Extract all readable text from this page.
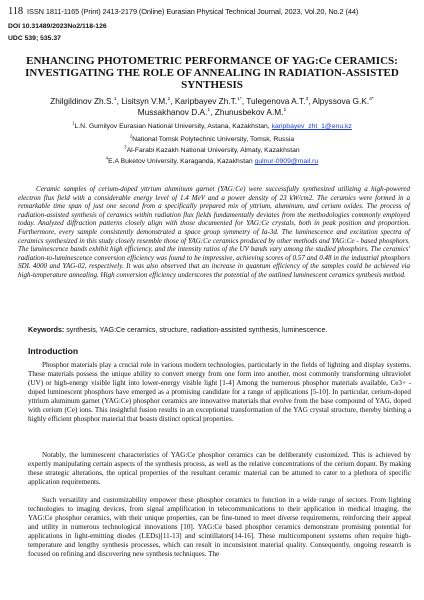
118 ISSN 1811-1165 (Print) 2413-2179 (Online) Eurasian Physical Technical Journal, 2023, Vol.20, No.2 (44)
DOI 10.31489/2023No2/118-126
UDC 539; 535.37
ENHANCING PHOTOMETRIC PERFORMANCE OF YAG:Ce CERAMICS:
INVESTIGATING THE ROLE OF ANNEALING IN RADIATION-ASSISTED
SYNTHESIS
Zhilgildinov Zh.S.$^1$, Lisitsyn V.M.$^2$, Karipbayev Zh.T.$^{1*}$, Tulegenova A.T.$^3$, Alpyssova G.K.$^{4*}$
Mussakhanov D.A.$^1$, Zhunusbekov A.M.$^1$
$^1$L.N. Gumilyov Eurasian National University, Astana, Kazakhstan, karipbayev_zht_1@enu.kz
$^2$National Tomsk Polytechnic University, Tomsk, Russia
$^3$Al-Farabi Kazakh National University, Almaty, Kazakhstan
$^4$E.A Buketov University, Karaganda, Kazakhstan gulnur-0909@mail.ru
Ceramic samples of cerium-doped yttrium aluminum garnet (YAG:Ce) were successfully synthesized utilizing a high-powered electron flux field with a considerable energy level of 1.4 MeV and a power density of 23 kW/cm2. The ceramics were formed in a remarkable time span of just one second from a specifically prepared mix of yttrium, aluminum, and cerium oxides. The process of radiation-assisted synthesis of ceramics within radiation flux fields fundamentally deviates from the methodologies commonly employed today. Analyzed diffraction patterns closely align with those documented for YAG:Ce crystals, both in peak position and proportion. Furthermore, every sample consistently demonstrated a space group symmetry of Ia-3d. The luminescence and excitation spectra of ceramics synthesized in this study closely resemble those of YAG:Ce ceramics produced by other methods and YAG:Ce - based phosphors. The luminescence bands exhibit high efficiency, and the intensity ratios of the UV bands vary among the studied phosphors. The ceramics' radiation-to-luminescence conversion efficiency was found to be impressive, achieving scores of 0.57 and 0.48 in the industrial phosphors SDL 4000 and YAG-02, respectively. It was also observed that an increase in quantum efficiency of the samples could be achieved via high-temperature annealing. High conversion efficiency underscores the potential of the outlined luminescent ceramics synthesis method.
Keywords: synthesis, YAG:Ce ceramics, structure, radiation-assisted synthesis, luminescence.
Introduction
Phosphor materials play a crucial role in various modern technologies, particularly in the fields of lighting and display systems. These materials possess the unique ability to convert energy from one form into another, most commonly transforming ultraviolet (UV) or high-energy visible light into lower-energy visible light [1-4] Among the numerous phosphor materials available, Ce3+ - doped luminescent phosphors have emerged as a promising candidate for a range of applications [5-10]. In particular, cerium-doped yttrium aluminum garnet (YAG:Ce) phosphor ceramics are innovative materials that evolve from the base compound of YAG, doped with cerium (Ce) ions. This insightful fusion results in an exceptional transformation of the YAG crystal structure, thereby birthing a highly efficient phosphor material that boasts distinct optical properties.
Notably, the luminescent characteristics of YAG:Ce phosphor ceramics can be deliberately customized. This is achieved by expertly manipulating certain aspects of the synthesis process, as well as the relative concentrations of the cerium dopant. By making these strategic alterations, the optical properties of the resultant ceramic material can be attuned to cater to a plethora of specific application requirements.
Such versatility and customizability empower these phosphor ceramics to function in a wide range of sectors. From lighting technologies to imaging devices, from signal amplification in telecommunications to their application in medical imaging, the YAG:Ce phosphor ceramics, with their unique properties, can be fine-tuned to meet diverse requirements, reinforcing their appeal and utility in numerous technological innovations [10]. YAG:Ce based phosphor ceramics demonstrate promising potential for applications in light-emitting diodes (LEDs)[11-13] and scintillators[14-16]. These multicomponent systems often require high-temperature and lengthy synthesis processes, which can result in inconsistent material quality. Consequently, ongoing research is focused on refining and discovering new synthesis techniques. The
